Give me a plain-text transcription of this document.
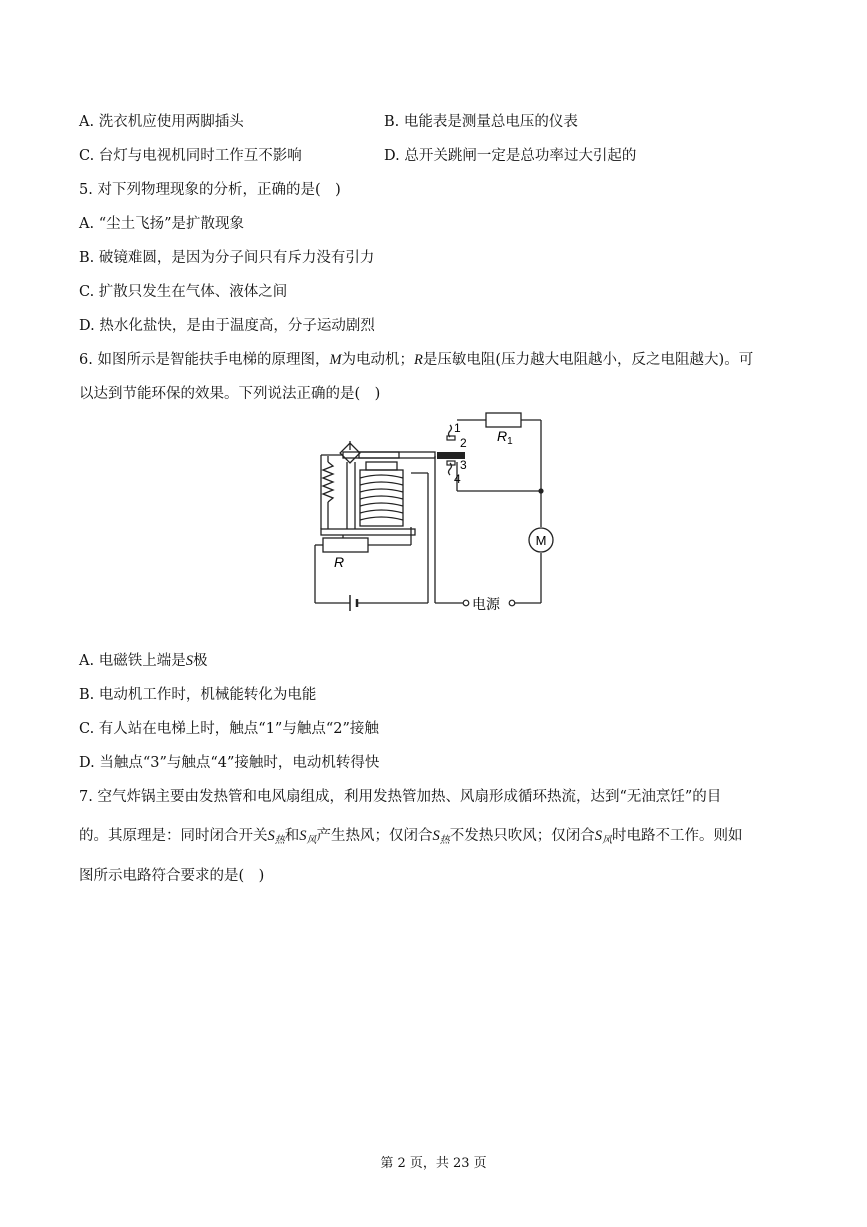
A. 洗衣机应使用两脚插头	B. 电能表是测量总电压的仪表
C. 台灯与电视机同时工作互不影响	D. 总开关跳闸一定是总功率过大引起的
5. 对下列物理现象的分析，正确的是(　)
A. “尘土飞扬”是扩散现象
B. 破镜难圆，是因为分子间只有斥力没有引力
C. 扩散只发生在气体、液体之间
D. 热水化盐快，是由于温度高，分子运动剧烈
6. 如图所示是智能扶手电梯的原理图，M为电动机；R是压敏电阻(压力越大电阻越小，反之电阻越大)。可
以达到节能环保的效果。下列说法正确的是(　)
$R_1$
1
2
3
4
M
R
电源
A. 电磁铁上端是S极
B. 电动机工作时，机械能转化为电能
C. 有人站在电梯上时，触点“1”与触点“2”接触
D. 当触点“3”与触点“4”接触时，电动机转得快
7. 空气炸锅主要由发热管和电风扇组成，利用发热管加热、风扇形成循环热流，达到“无油烹饪”的目
的。其原理是：同时闭合开关$S_热$和$S_风$产生热风；仅闭合$S_热$不发热只吹风；仅闭合$S_风$时电路不工作。则如
图所示电路符合要求的是(　)
第 2 页，共 23 页
